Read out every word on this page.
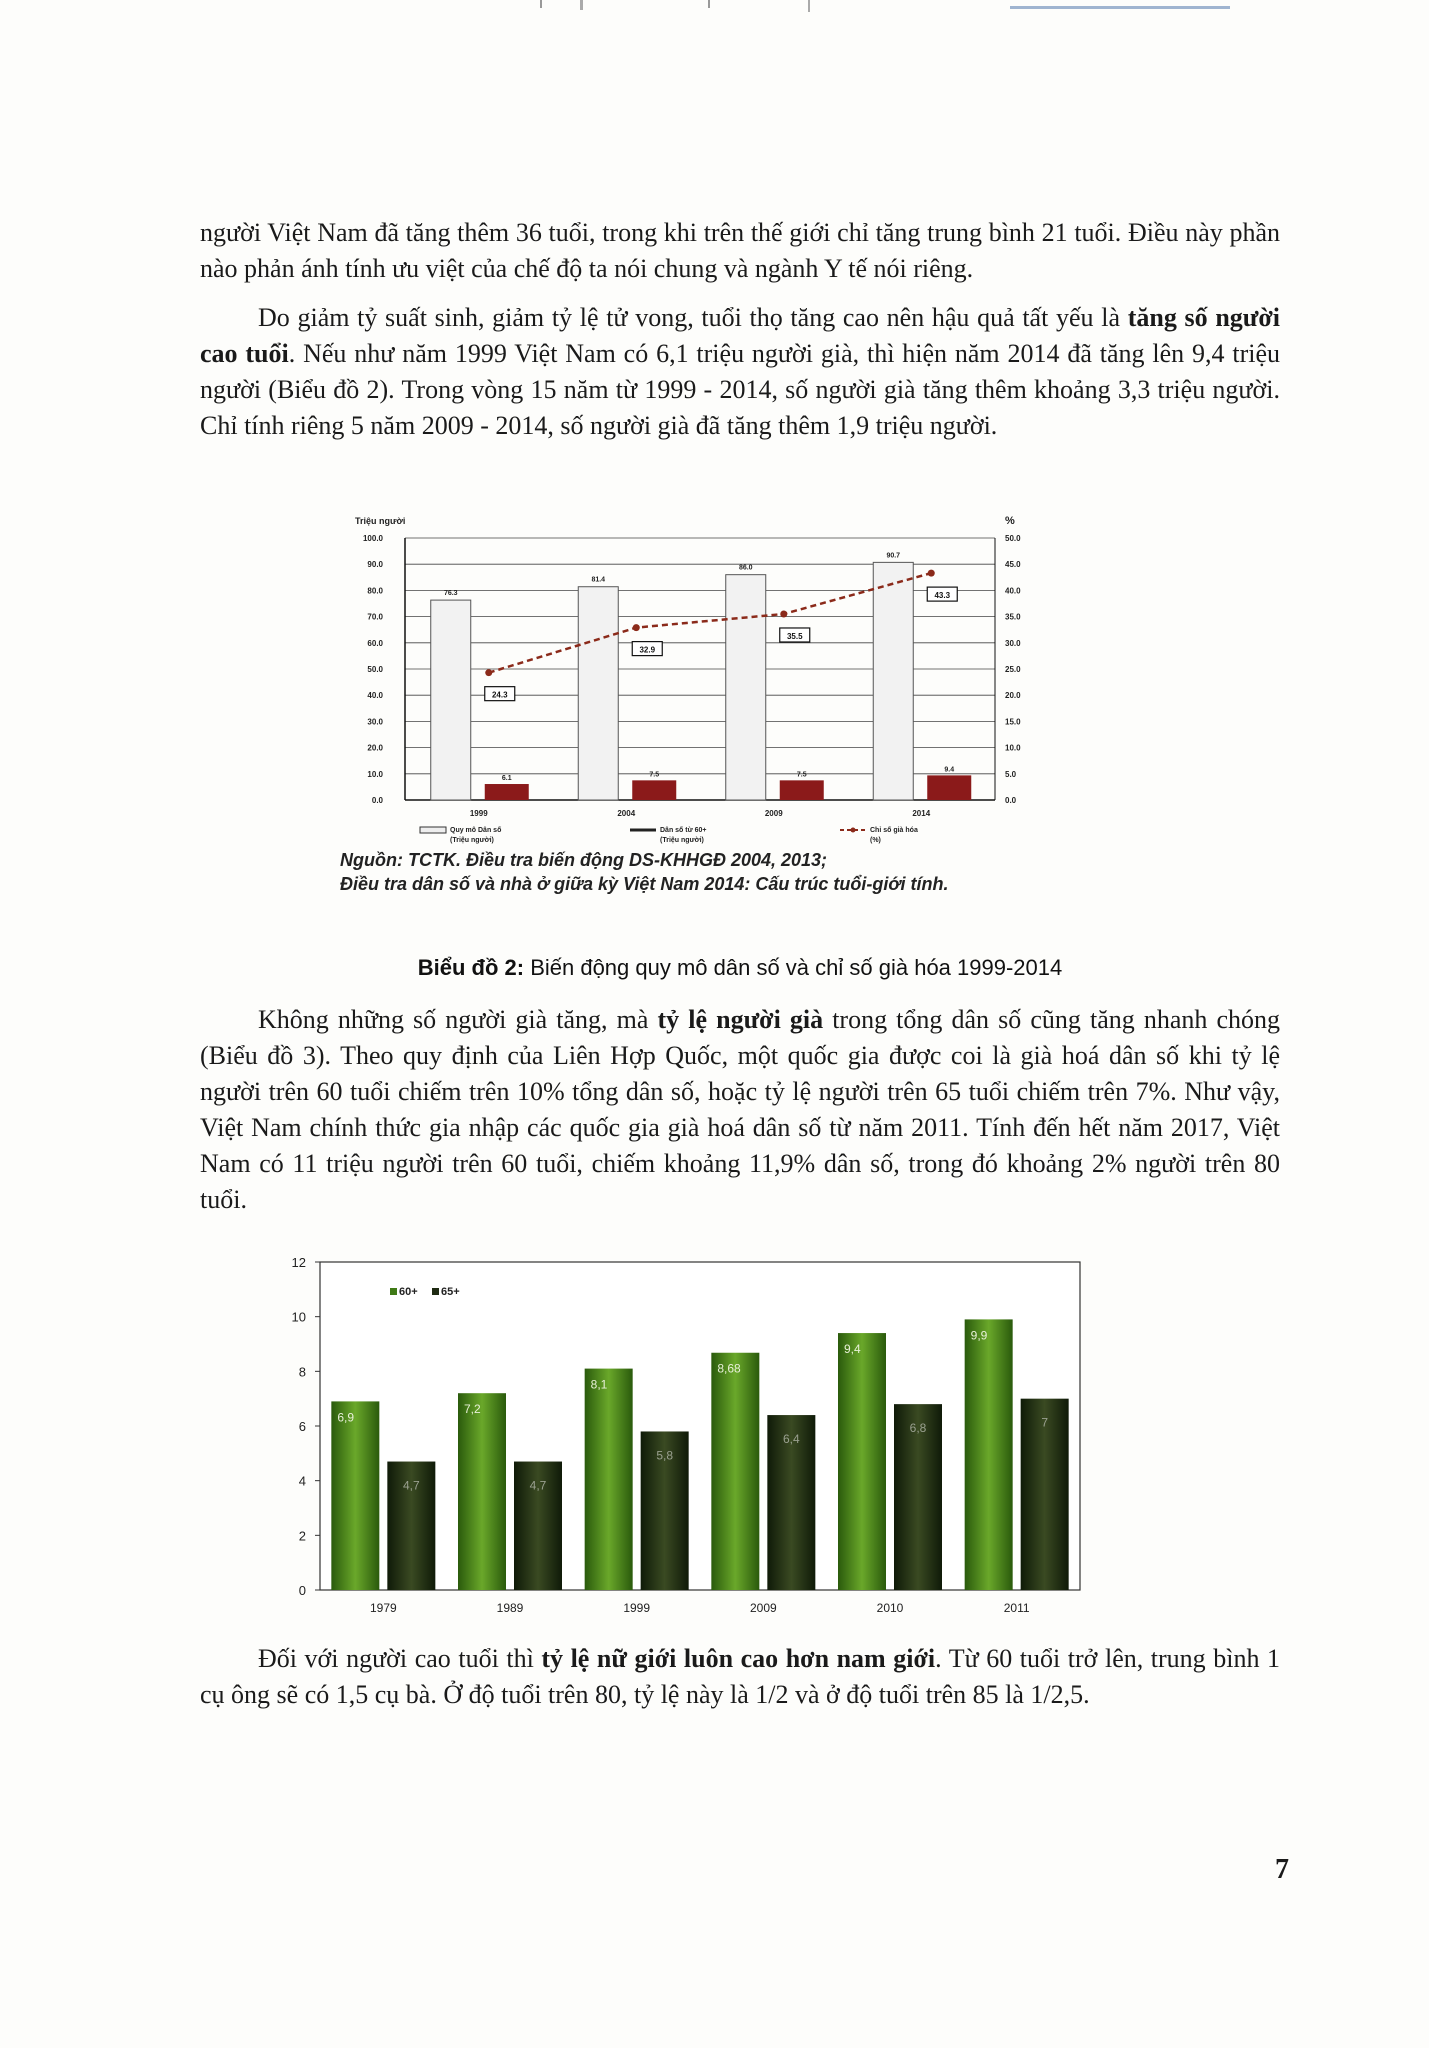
người Việt Nam đã tăng thêm 36 tuổi, trong khi trên thế giới chỉ tăng trung bình 21 tuổi. Điều này phần nào phản ánh tính ưu việt của chế độ ta nói chung và ngành Y tế nói riêng.

Do giảm tỷ suất sinh, giảm tỷ lệ tử vong, tuổi thọ tăng cao nên hậu quả tất yếu là tăng số người cao tuổi. Nếu như năm 1999 Việt Nam có 6,1 triệu người già, thì hiện năm 2014 đã tăng lên 9,4 triệu người (Biểu đồ 2). Trong vòng 15 năm từ 1999 - 2014, số người già tăng thêm khoảng 3,3 triệu người. Chỉ tính riêng 5 năm 2009 - 2014, số người già đã tăng thêm 1,9 triệu người.

Triệu người	%
0.0
10.0
20.0
30.0
40.0
50.0
60.0
70.0
80.0
90.0
100.0
0.0
5.0
10.0
15.0
20.0
25.0
30.0
35.0
40.0
45.0
50.0
76.3
6.1
1999
81.4
7.5
2004
86.0
7.5
2009
90.7
9.4
2014
24.3
32.9
35.5
43.3
Quy mô Dân số
(Triệu người)
Dân số từ 60+
(Triệu người)
Chỉ số già hóa
(%)
Nguồn: TCTK. Điều tra biến động DS-KHHGĐ 2004, 2013;
Điều tra dân số và nhà ở giữa kỳ Việt Nam 2014: Cấu trúc tuổi-giới tính.
Biểu đồ 2: Biến động quy mô dân số và chỉ số già hóa 1999-2014

Không những số người già tăng, mà tỷ lệ người già trong tổng dân số cũng tăng nhanh chóng (Biểu đồ 3). Theo quy định của Liên Hợp Quốc, một quốc gia được coi là già hoá dân số khi tỷ lệ người trên 60 tuổi chiếm trên 10% tổng dân số, hoặc tỷ lệ người trên 65 tuổi chiếm trên 7%. Như vậy, Việt Nam chính thức gia nhập các quốc gia già hoá dân số từ năm 2011. Tính đến hết năm 2017, Việt Nam có 11 triệu người trên 60 tuổi, chiếm khoảng 11,9% dân số, trong đó khoảng 2% người trên 80 tuổi.

0
2
4
6
8
10
12
60+ 65+
6,9
4,7
1979
7,2
4,7
1989
8,1
5,8
1999
8,68
6,4
2009
9,4
6,8
2010
9,9
7
2011

Đối với người cao tuổi thì tỷ lệ nữ giới luôn cao hơn nam giới. Từ 60 tuổi trở lên, trung bình 1 cụ ông sẽ có 1,5 cụ bà. Ở độ tuổi trên 80, tỷ lệ này là 1/2 và ở độ tuổi trên 85 là 1/2,5.

7
